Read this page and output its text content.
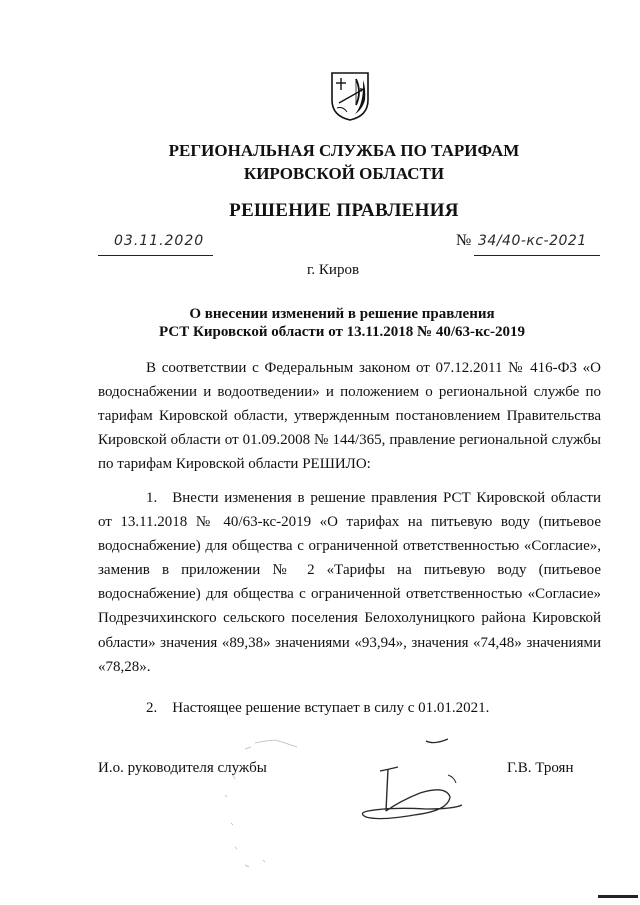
РЕГИОНАЛЬНАЯ СЛУЖБА ПО ТАРИФАМ
КИРОВСКОЙ ОБЛАСТИ
РЕШЕНИЕ ПРАВЛЕНИЯ
03.11.2020	№ 34/40-кс-2021
г. Киров
О внесении изменений в решение правления
РСТ Кировской области от 13.11.2018 № 40/63-кс-2019
В соответствии с Федеральным законом от 07.12.2011 № 416-ФЗ «О водоснабжении и водоотведении» и положением о региональной службе по тарифам Кировской области, утвержденным постановлением Правительства Кировской области от 01.09.2008 № 144/365, правление региональной службы по тарифам Кировской области РЕШИЛО:
1. Внести изменения в решение правления РСТ Кировской области от 13.11.2018 № 40/63-кс-2019 «О тарифах на питьевую воду (питьевое водоснабжение) для общества с ограниченной ответственностью «Согласие», заменив в приложении № 2 «Тарифы на питьевую воду (питьевое водоснабжение) для общества с ограниченной ответственностью «Согласие» Подрезчихинского сельского поселения Белохолуницкого района Кировской области» значения «89,38» значениями «93,94», значения «74,48» значениями «78,28».
2. Настоящее решение вступает в силу с 01.01.2021.
И.о. руководителя службы	Г.В. Троян
